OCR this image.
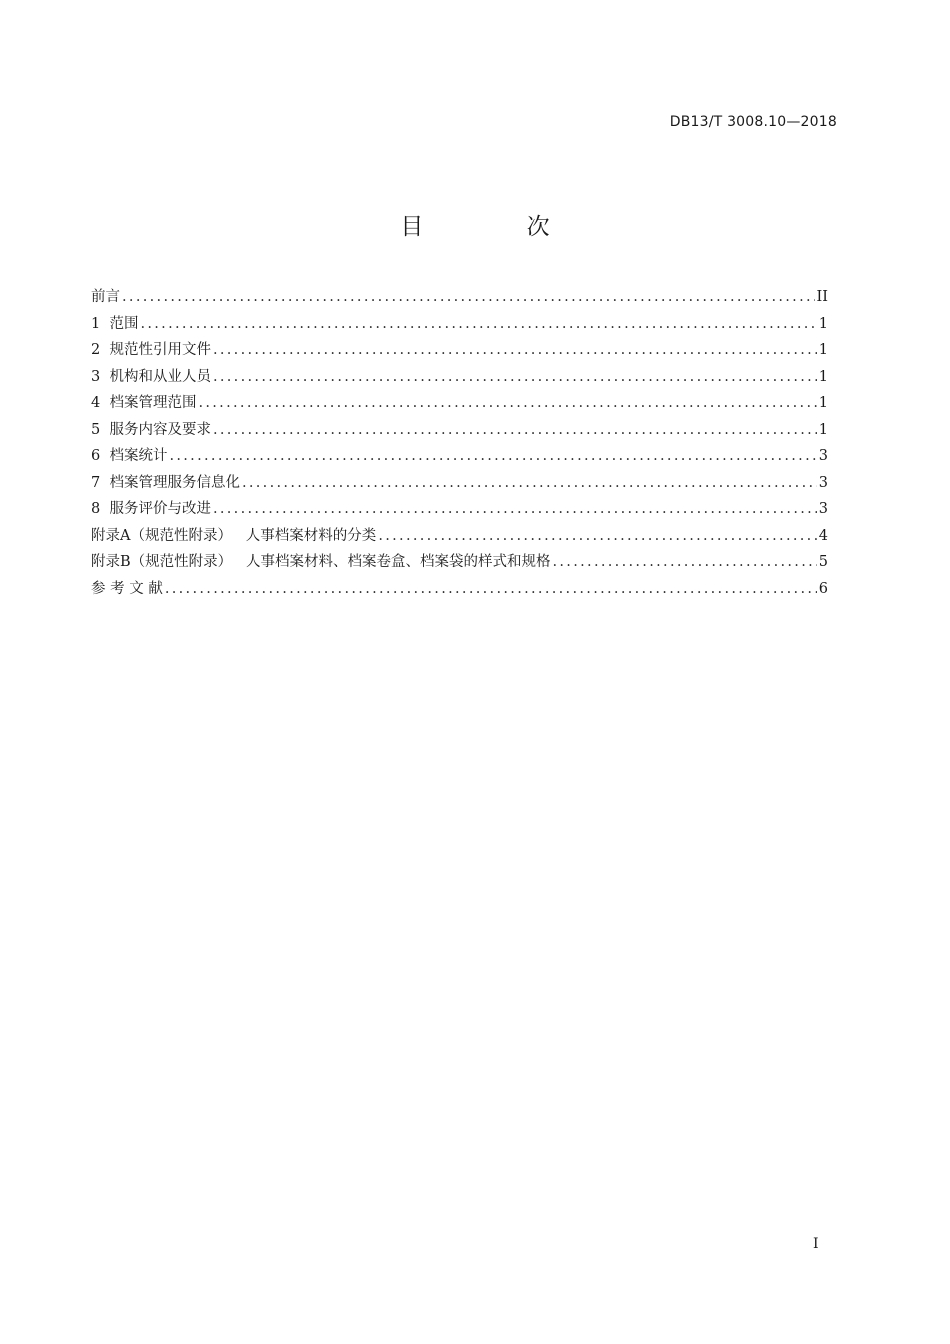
DB13/T 3008.10—2018
目 次
前言 .....	II
1  范围 .....	1
2  规范性引用文件 .....	1
3  机构和从业人员 .....	1
4  档案管理范围 .....	1
5  服务内容及要求 .....	1
6  档案统计 .....	3
7  档案管理服务信息化 .....	3
8  服务评价与改进 .....	3
附录A（规范性附录）   人事档案材料的分类 .....	4
附录B（规范性附录）   人事档案材料、档案卷盒、档案袋的样式和规格 .....	5
参 考 文 献 .....	6
I
